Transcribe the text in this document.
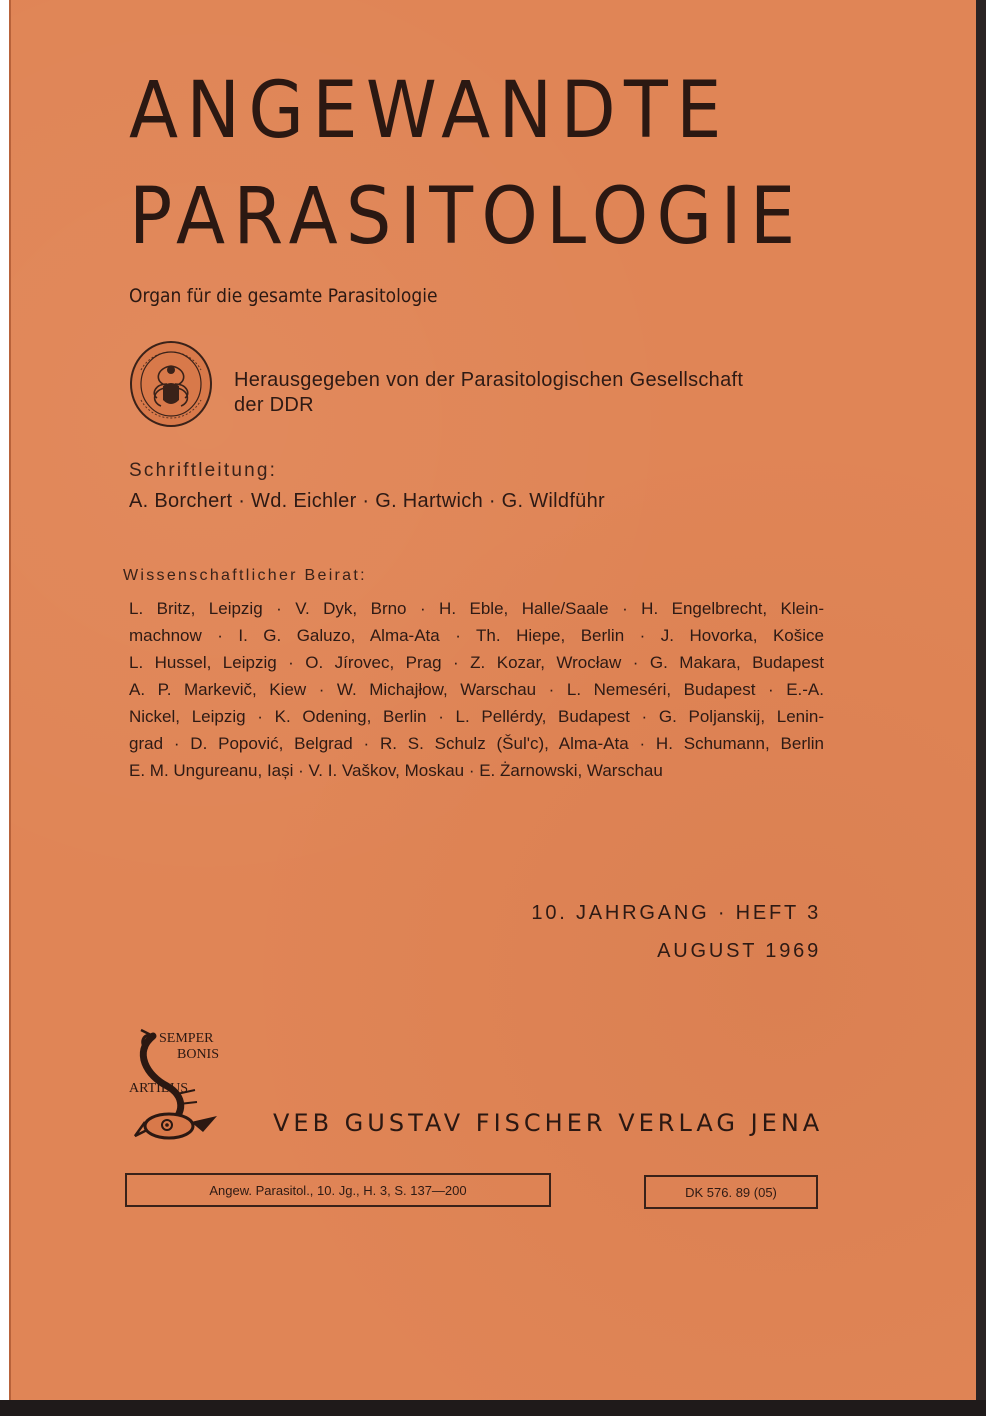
ANGEWANDTE
PARASITOLOGIE
Organ für die gesamte Parasitologie
Herausgegeben von der Parasitologischen Gesellschaft
der DDR
Schriftleitung:
A. Borchert · Wd. Eichler · G. Hartwich · G. Wildführ
Wissenschaftlicher Beirat:
L. Britz, Leipzig · V. Dyk, Brno · H. Eble, Halle/Saale · H. Engelbrecht, Klein-
machnow · I. G. Galuzo, Alma-Ata · Th. Hiepe, Berlin · J. Hovorka, Košice
L. Hussel, Leipzig · O. Jírovec, Prag · Z. Kozar, Wrocław · G. Makara, Budapest
A. P. Markevič, Kiew · W. Michajłow, Warschau · L. Nemeséri, Budapest · E.-A.
Nickel, Leipzig · K. Odening, Berlin · L. Pellérdy, Budapest · G. Poljanskij, Lenin-
grad · D. Popović, Belgrad · R. S. Schulz (Šul'c), Alma-Ata · H. Schumann, Berlin
E. M. Ungureanu, Iași · V. I. Vaškov, Moskau · E. Żarnowski, Warschau
10. JAHRGANG · HEFT 3
AUGUST 1969
SEMPER
BONIS
ARTIBUS
VEB GUSTAV FISCHER VERLAG JENA
Angew. Parasitol., 10. Jg., H. 3, S. 137—200	DK 576. 89 (05)
